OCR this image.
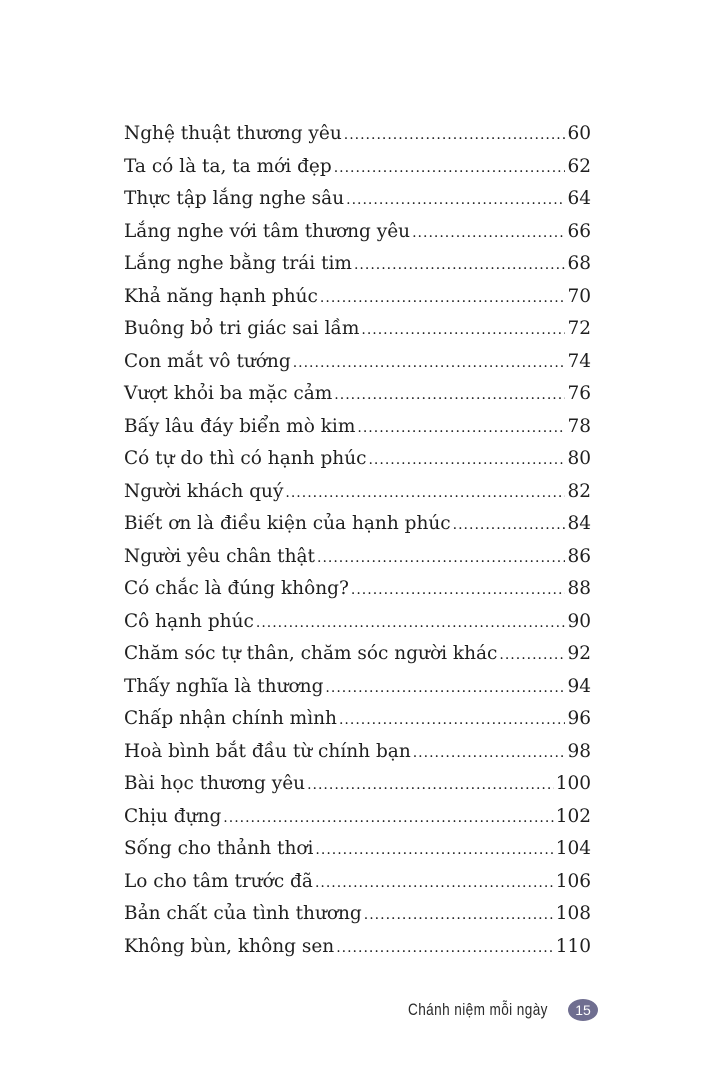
Nghệ thuật thương yêu .....	60
Ta có là ta, ta mới đẹp .....	62
Thực tập lắng nghe sâu .....	64
Lắng nghe với tâm thương yêu .....	66
Lắng nghe bằng trái tim .....	68
Khả năng hạnh phúc .....	70
Buông bỏ tri giác sai lầm .....	72
Con mắt vô tướng .....	74
Vượt khỏi ba mặc cảm .....	76
Bấy lâu đáy biển mò kim .....	78
Có tự do thì có hạnh phúc .....	80
Người khách quý .....	82
Biết ơn là điều kiện của hạnh phúc .....	84
Người yêu chân thật .....	86
Có chắc là đúng không? .....	88
Cô hạnh phúc .....	90
Chăm sóc tự thân, chăm sóc người khác .....	92
Thấy nghĩa là thương .....	94
Chấp nhận chính mình .....	96
Hoà bình bắt đầu từ chính bạn .....	98
Bài học thương yêu .....	100
Chịu đựng .....	102
Sống cho thảnh thơi .....	104
Lo cho tâm trước đã .....	106
Bản chất của tình thương .....	108
Không bùn, không sen .....	110
Chánh niệm mỗi ngày	15
